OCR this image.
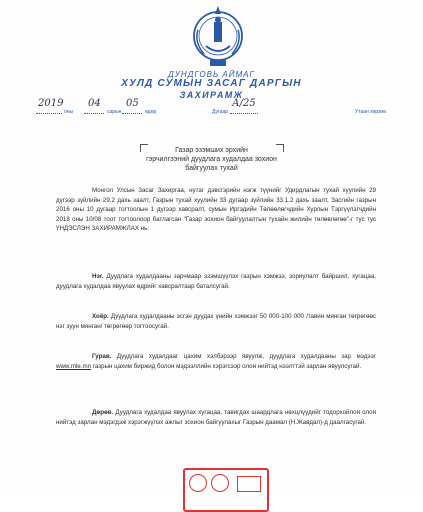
ДУНДГОВЬ АЙМАГ
ХУЛД СУМЫН ЗАСАГ ДАРГЫН
ЗАХИРАМЖ
2019
оны
04
сарын
05
өдөр	Дугаар
А/25
Утаан хөрзөө
Газар эзэмших эрхийн
гэрчилгээний дуудлага худалдаа зохион
байгуулах тухай
Монгол Улсын Засаг Захиргаа, нутаг дэвсгэрийн нэгж түүнийг Удирдлагын тухай хуулийн 29 дүгээр зүйлийн 29.2 дахь заалт, Газрын тухай хуулийн 33 дугаар зүйлийн 33.1.2 дахь заалт, Засгийн газрын 2016 оны 10 дугаар тогтоолын 1 дүгээр хавсралт, сумын Иргэдийн Төлөөлөгчдийн Хурлын Тэргүүлэгчдийн 2018 оны 10/08 тоот тогтоолоор батлагсан "Газар зохион байгуулалтын тухайн жилийн төлөвлөгөө"-г тус тус ҮНДЭСЛЭН ЗАХИРАМЖЛАХ нь:
Нэг. Дуудлага худалдааны зарчмаар эзэмшүүлэх газрын хэмжээ, зориулалт байршил, хугацаа, дуудлага худалдаа явуулах өдрийг хавсралтаар баталсугай.
Хоёр. Дуудлага худалдааны эсгэн дуудах үнийн хэмжээг 50 000-100 000 /тавин мянган төгрөгөөс нэг зуун мянган/ төгрөгөөр тогтоосугай.
Гурав. Дуудлага худалдааг цахим хэлбэрээр явуулж, дуудлага худалдааны зар мэдээг www.mle.mn газрын цахим биржид болон мэдээллийн хэрэгсээр олон нийтэд нээлттэй зарлан явуулсугай.
Дөрөв. Дуудлага худалдаа явуулах хугацаа, тавигдах шаардлага нөхцлүүдийг тодорхойлон олон нийтэд зарлан мэдэгдэж хэрэгжүүлэх ажлыг зохион байгуулахыг Газрын даамал (Н.Жавдал)-д даалгасугай.
